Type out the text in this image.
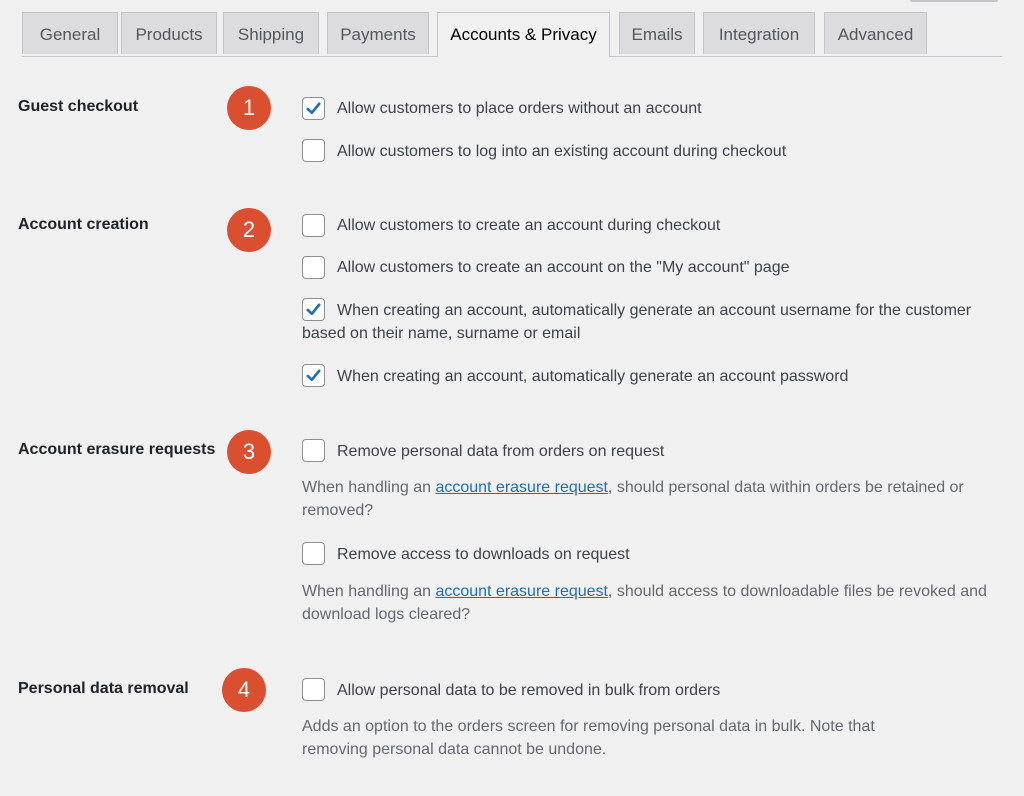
General	Products	Shipping	Payments	Accounts & Privacy	Emails	Integration	Advanced
Guest checkout	1	Allow customers to place orders without an account
Allow customers to log into an existing account during checkout
Account creation	2	Allow customers to create an account during checkout
Allow customers to create an account on the "My account" page
When creating an account, automatically generate an account username for the customer based on their name, surname or email
When creating an account, automatically generate an account password
Account erasure requests	3	Remove personal data from orders on request
When handling an account erasure request, should personal data within orders be retained or removed?
Remove access to downloads on request
When handling an account erasure request, should access to downloadable files be revoked and download logs cleared?
Personal data removal	4	Allow personal data to be removed in bulk from orders
Adds an option to the orders screen for removing personal data in bulk. Note that removing personal data cannot be undone.
